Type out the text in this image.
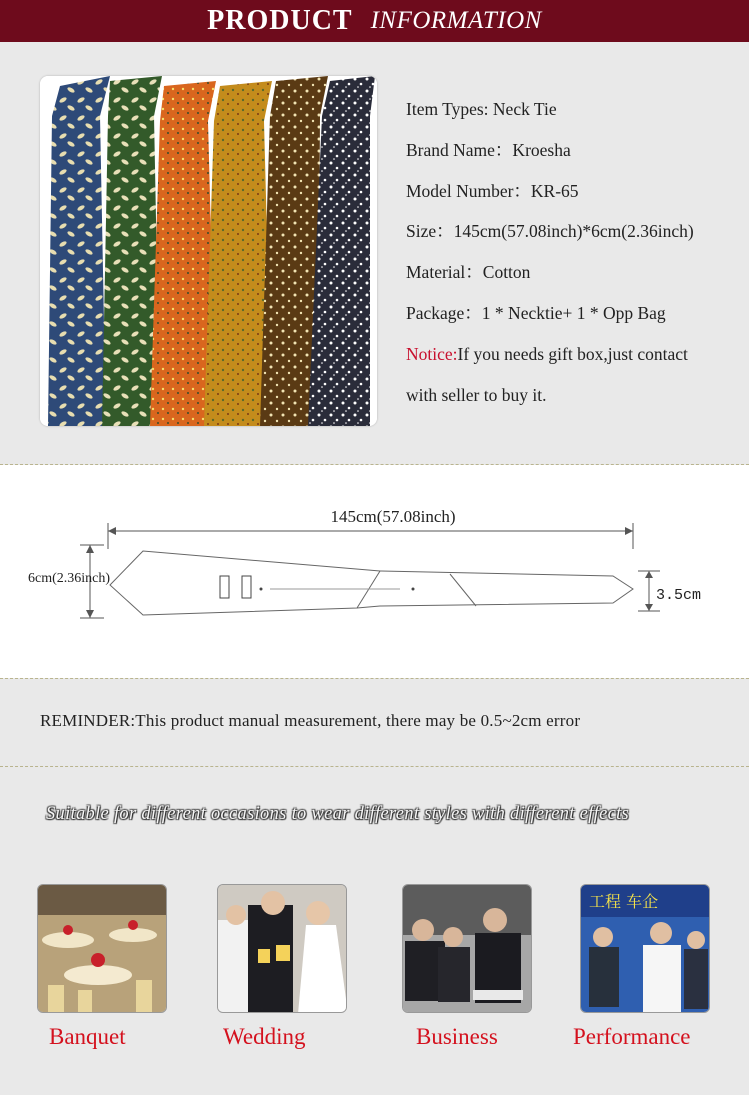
PRODUCT INFORMATION
Item Types: Neck Tie
Brand Name：Kroesha
Model Number：KR-65
Size：145cm(57.08inch)*6cm(2.36inch)
Material：Cotton
Package：1 * Necktie+ 1 * Opp Bag
Notice:If you needs gift box,just contact
with seller to buy it.
145cm(57.08inch)
6cm(2.36inch)
3.5cm
REMINDER:This product manual measurement, there may be 0.5~2cm error
Suitable for different occasions to wear different styles with different effects
工程 车企
Banquet	Wedding	Business	Performance
